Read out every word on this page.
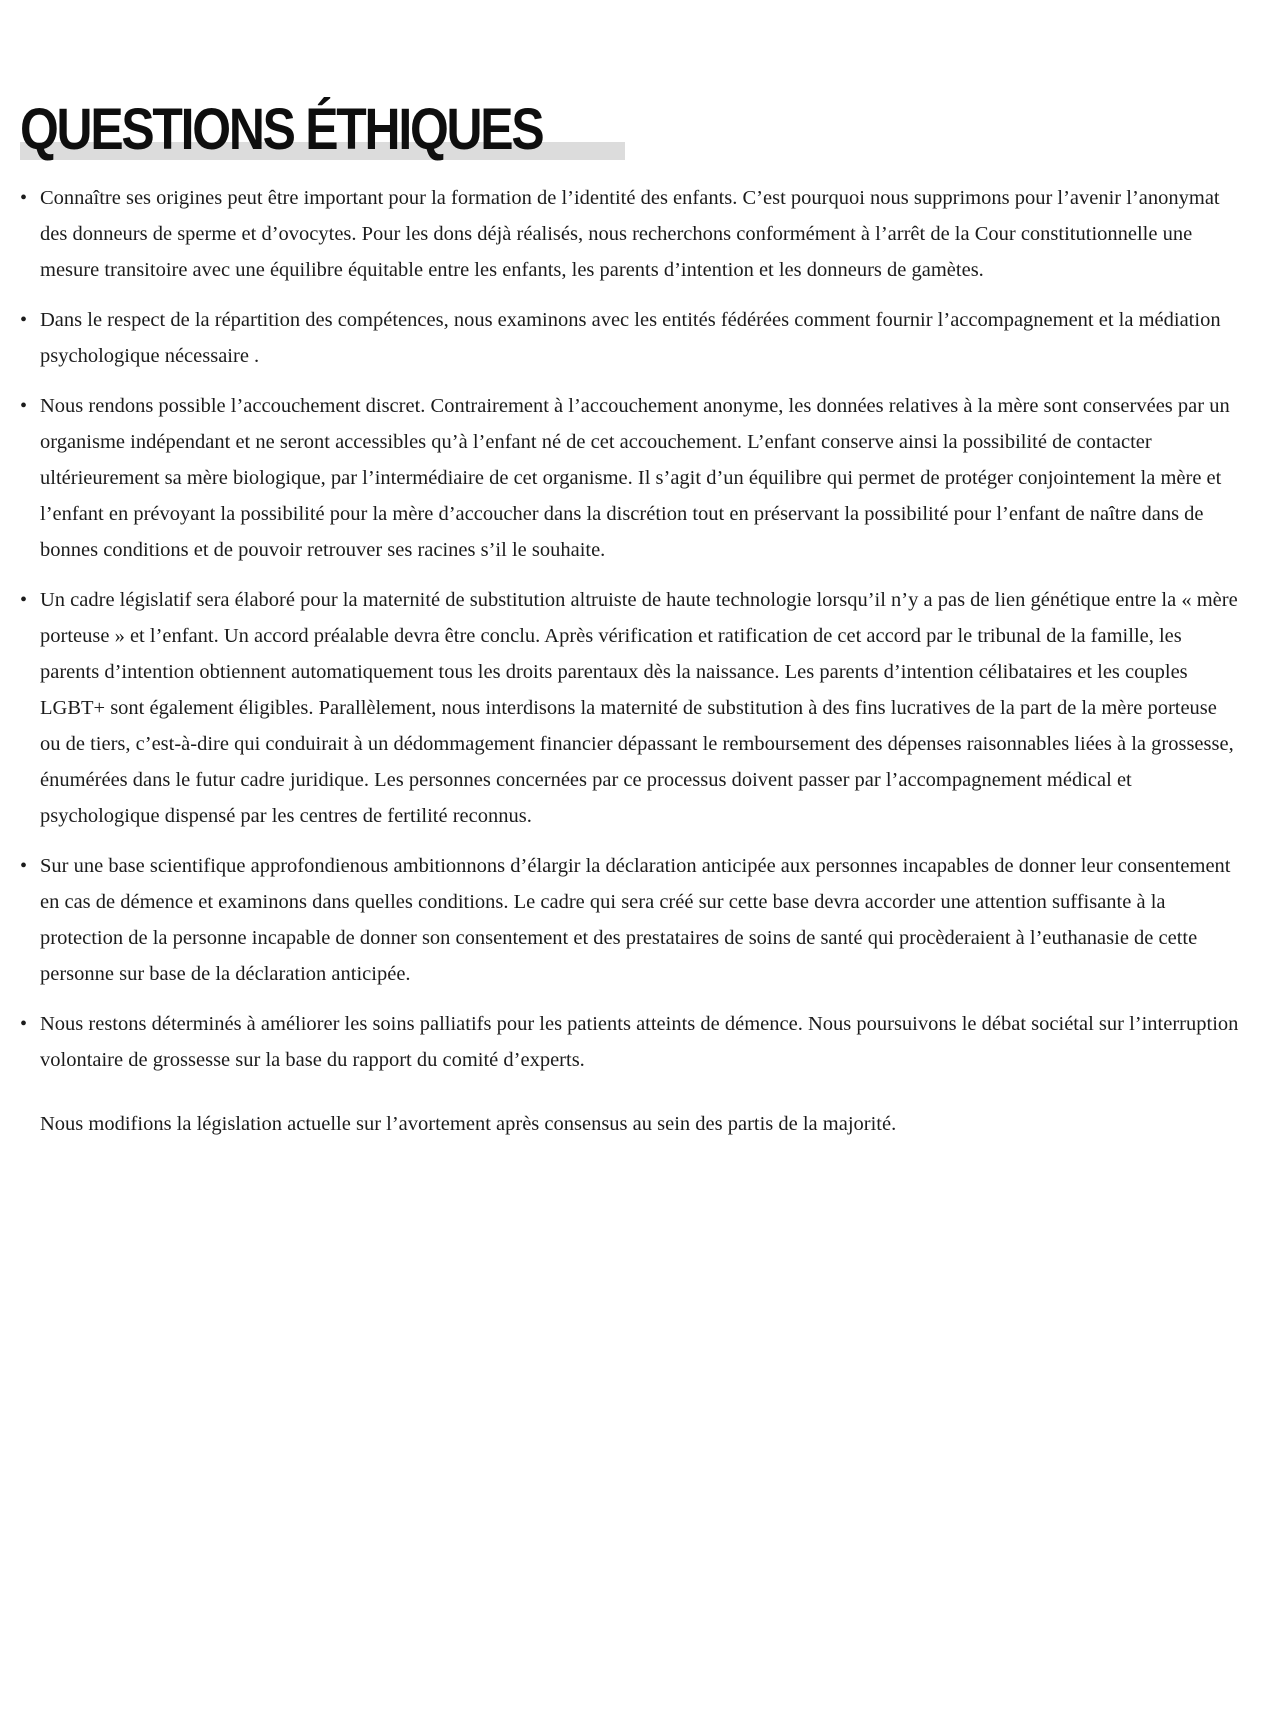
QUESTIONS ÉTHIQUES
• Connaître ses origines peut être important pour la formation de l’identité des enfants. C’est pourquoi nous supprimons pour l’avenir l’anonymat des donneurs de sperme et d’ovocytes. Pour les dons déjà réalisés, nous recherchons conformément à l’arrêt de la Cour constitutionnelle une mesure transitoire avec une équilibre équitable entre les enfants, les parents d’intention et les donneurs de gamètes.
• Dans le respect de la répartition des compétences, nous examinons avec les entités fédérées comment fournir l’accompagnement et la médiation psychologique nécessaire .
• Nous rendons possible l’accouchement discret. Contrairement à l’accouchement anonyme, les données relatives à la mère sont conservées par un organisme indépendant et ne seront accessibles qu’à l’enfant né de cet accouchement. L’enfant conserve ainsi la possibilité de contacter ultérieurement sa mère biologique, par l’intermédiaire de cet organisme. Il s’agit d’un équilibre qui permet de protéger conjointement la mère et l’enfant en prévoyant la possibilité pour la mère d’accoucher dans la discrétion tout en préservant la possibilité pour l’enfant de naître dans de bonnes conditions et de pouvoir retrouver ses racines s’il le souhaite.
• Un cadre législatif sera élaboré pour la maternité de substitution altruiste de haute technologie lorsqu’il n’y a pas de lien génétique entre la « mère porteuse » et l’enfant. Un accord préalable devra être conclu. Après vérification et ratification de cet accord par le tribunal de la famille, les parents d’intention obtiennent automatiquement tous les droits parentaux dès la naissance. Les parents d’intention célibataires et les couples LGBT+ sont également éligibles. Parallèlement, nous interdisons la maternité de substitution à des fins lucratives de la part de la mère porteuse ou de tiers, c’est-à-dire qui conduirait à un dédommagement financier dépassant le remboursement des dépenses raisonnables liées à la grossesse, énumérées dans le futur cadre juridique. Les personnes concernées par ce processus doivent passer par l’accompagnement médical et psychologique dispensé par les centres de fertilité reconnus.
• Sur une base scientifique approfondienous ambitionnons d’élargir la déclaration anticipée aux personnes incapables de donner leur consentement en cas de démence et examinons dans quelles conditions. Le cadre qui sera créé sur cette base devra accorder une attention suffisante à la protection de la personne incapable de donner son consentement et des prestataires de soins de santé qui procèderaient à l’euthanasie de cette personne sur base de la déclaration anticipée.
• Nous restons déterminés à améliorer les soins palliatifs pour les patients atteints de démence. Nous poursuivons le débat sociétal sur l’interruption volontaire de grossesse sur la base du rapport du comité d’experts.

Nous modifions la législation actuelle sur l’avortement après consensus au sein des partis de la majorité.
